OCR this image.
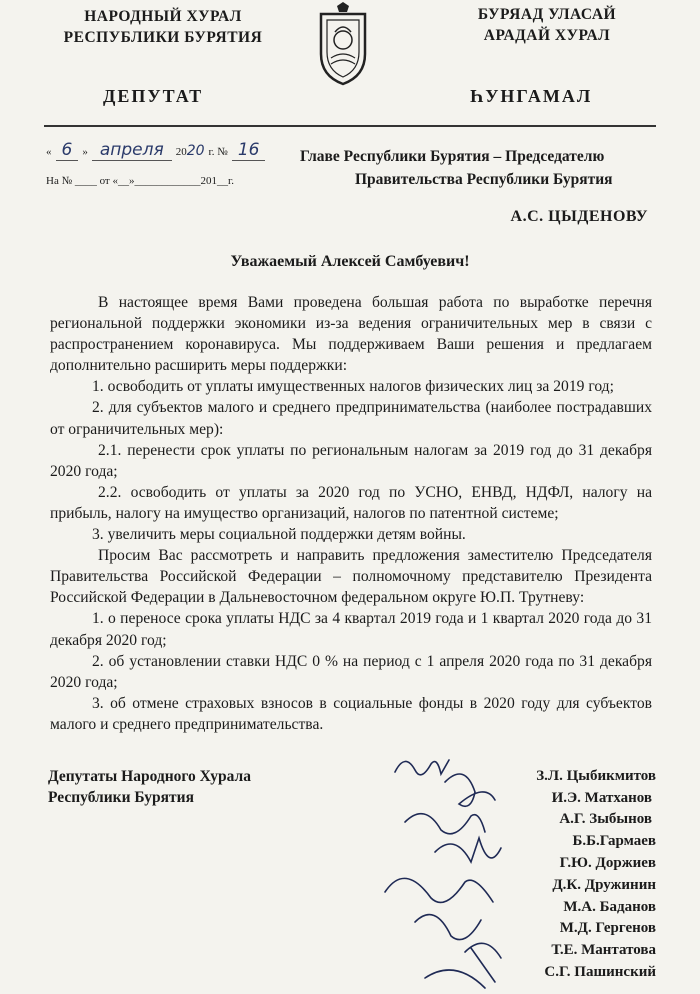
НАРОДНЫЙ ХУРАЛ
РЕСПУБЛИКИ БУРЯТИЯ
ДЕПУТАТ
БУРЯАД УЛАСАЙ
АРАДАЙ ХУРАЛ
ҺУНГАМАЛ
« 6 » апреля 2020 г. № 16
На № ____ от «__»____________201__г.
Главе Республики Бурятия – Председателю
Правительства Республики Бурятия
А.С. ЦЫДЕНОВУ
Уважаемый Алексей Самбуевич!

В настоящее время Вами проведена большая работа по выработке перечня региональной поддержки экономики из-за ведения ограничительных мер в связи с распространением коронавируса. Мы поддерживаем Ваши решения и предлагаем дополнительно расширить меры поддержки:

1. освободить от уплаты имущественных налогов физических лиц за 2019 год;

2. для субъектов малого и среднего предпринимательства (наиболее пострадавших от ограничительных мер):

2.1. перенести срок уплаты по региональным налогам за 2019 год до 31 декабря 2020 года;

2.2. освободить от уплаты за 2020 год по УСНО, ЕНВД, НДФЛ, налогу на прибыль, налогу на имущество организаций, налогов по патентной системе;

3. увеличить меры социальной поддержки детям войны.

Просим Вас рассмотреть и направить предложения заместителю Председателя Правительства Российской Федерации – полномочному представителю Президента Российской Федерации в Дальневосточном федеральном округе Ю.П. Трутневу:

1. о переносе срока уплаты НДС за 4 квартал 2019 года и 1 квартал 2020 года до 31 декабря 2020 год;

2. об установлении ставки НДС 0 % на период с 1 апреля 2020 года по 31 декабря 2020 года;

3. об отмене страховых взносов в социальные фонды в 2020 году для субъектов малого и среднего предпринимательства.

Депутаты Народного Хурала
Республики Бурятия
З.Л. Цыбикмитов
И.Э. Матханов
А.Г. Зыбынов
Б.Б.Гармаев
Г.Ю. Доржиев
Д.К. Дружинин
М.А. Баданов
М.Д. Гергенов
Т.Е. Мантатова
С.Г. Пашинский
